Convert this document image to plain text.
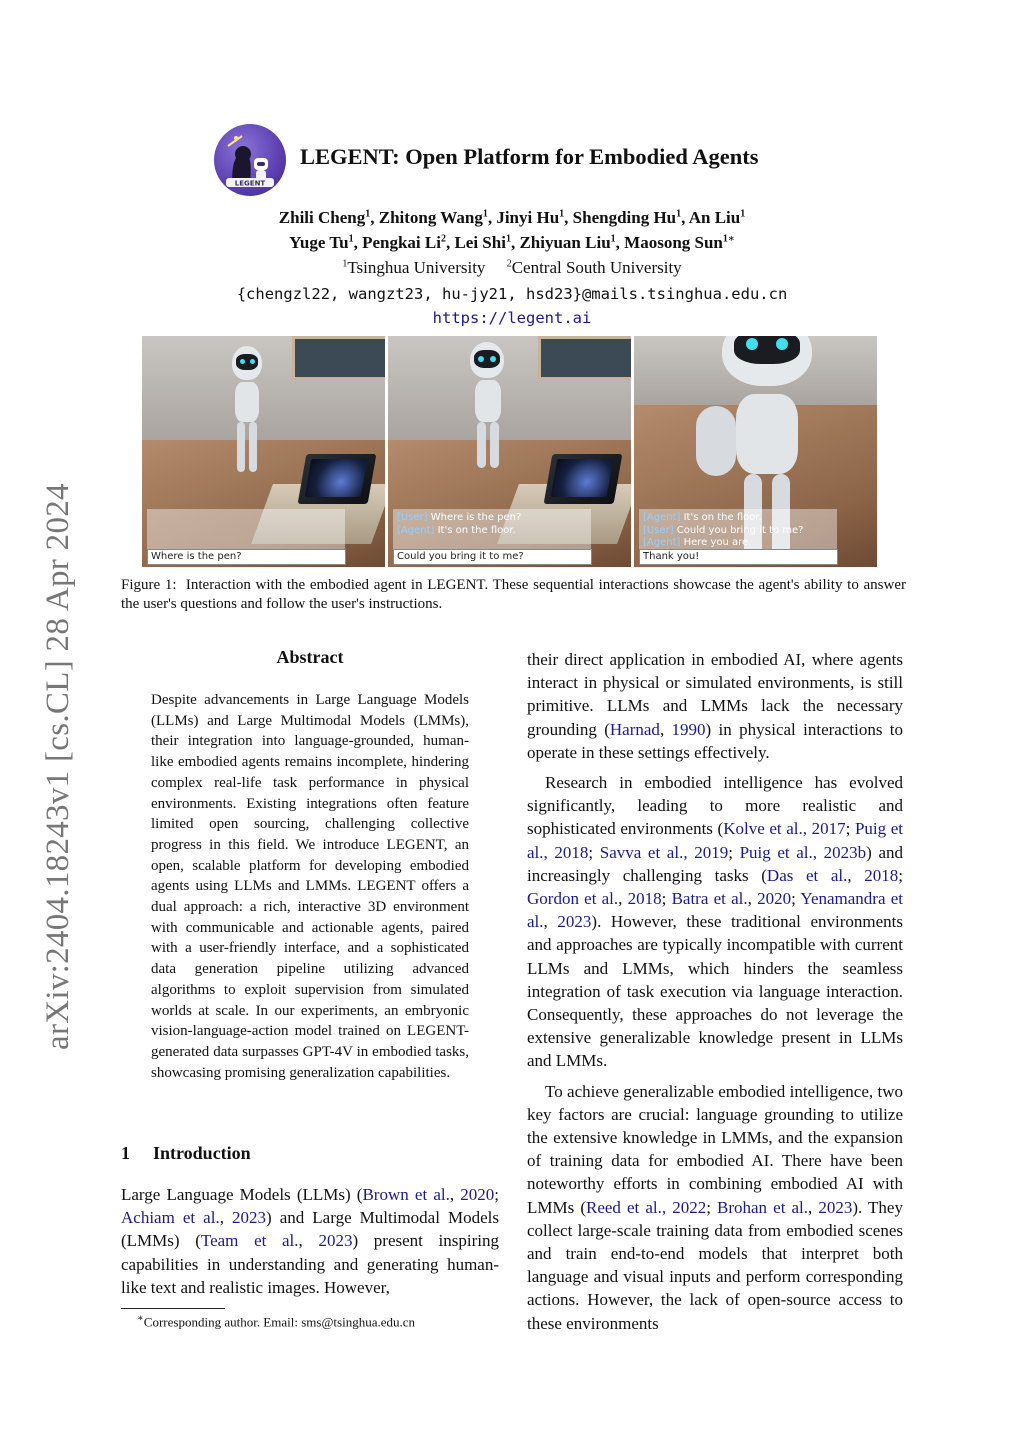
arXiv:2404.18243v1 [cs.CL] 28 Apr 2024
LEGENT
LEGENT: Open Platform for Embodied Agents
Zhili Cheng$^1$, Zhitong Wang$^1$, Jinyi Hu$^1$, Shengding Hu$^1$, An Liu$^1$
Yuge Tu$^1$, Pengkai Li$^2$, Lei Shi$^1$, Zhiyuan Liu$^1$, Maosong Sun$^{1∗}$
$^1$Tsinghua University $^2$Central South University
{chengzl22, wangzt23, hu-jy21, hsd23}@mails.tsinghua.edu.cn
https://legent.ai
Where is the pen?
[User] Where is the pen?
[Agent] It's on the floor.
Could you bring it to me?
[Agent] It's on the floor.
[User] Could you bring it to me?
[Agent] Here you are.
Thank you!
Figure 1: Interaction with the embodied agent in LEGENT. These sequential interactions showcase the agent's ability to answer the user's questions and follow the user's instructions.
Abstract
Despite advancements in Large Language Models (LLMs) and Large Multimodal Models (LMMs), their integration into language-grounded, human-like embodied agents remains incomplete, hindering complex real-life task performance in physical environments. Existing integrations often feature limited open sourcing, challenging collective progress in this field. We introduce LEGENT, an open, scalable platform for developing embodied agents using LLMs and LMMs. LEGENT offers a dual approach: a rich, interactive 3D environment with communicable and actionable agents, paired with a user-friendly interface, and a sophisticated data generation pipeline utilizing advanced algorithms to exploit supervision from simulated worlds at scale. In our experiments, an embryonic vision-language-action model trained on LEGENT-generated data surpasses GPT-4V in embodied tasks, showcasing promising generalization capabilities.
1 Introduction

Large Language Models (LLMs) (Brown et al., 2020; Achiam et al., 2023) and Large Multimodal Models (LMMs) (Team et al., 2023) present inspiring capabilities in understanding and generating human-like text and realistic images. However,

their direct application in embodied AI, where agents interact in physical or simulated environments, is still primitive. LLMs and LMMs lack the necessary grounding (Harnad, 1990) in physical interactions to operate in these settings effectively.

Research in embodied intelligence has evolved significantly, leading to more realistic and sophisticated environments (Kolve et al., 2017; Puig et al., 2018; Savva et al., 2019; Puig et al., 2023b) and increasingly challenging tasks (Das et al., 2018; Gordon et al., 2018; Batra et al., 2020; Yenamandra et al., 2023). However, these traditional environments and approaches are typically incompatible with current LLMs and LMMs, which hinders the seamless integration of task execution via language interaction. Consequently, these approaches do not leverage the extensive generalizable knowledge present in LLMs and LMMs.

To achieve generalizable embodied intelligence, two key factors are crucial: language grounding to utilize the extensive knowledge in LMMs, and the expansion of training data for embodied AI. There have been noteworthy efforts in combining embodied AI with LMMs (Reed et al., 2022; Brohan et al., 2023). They collect large-scale training data from embodied scenes and train end-to-end models that interpret both language and visual inputs and perform corresponding actions. However, the lack of open-source access to these environments

∗Corresponding author. Email: sms@tsinghua.edu.cn
